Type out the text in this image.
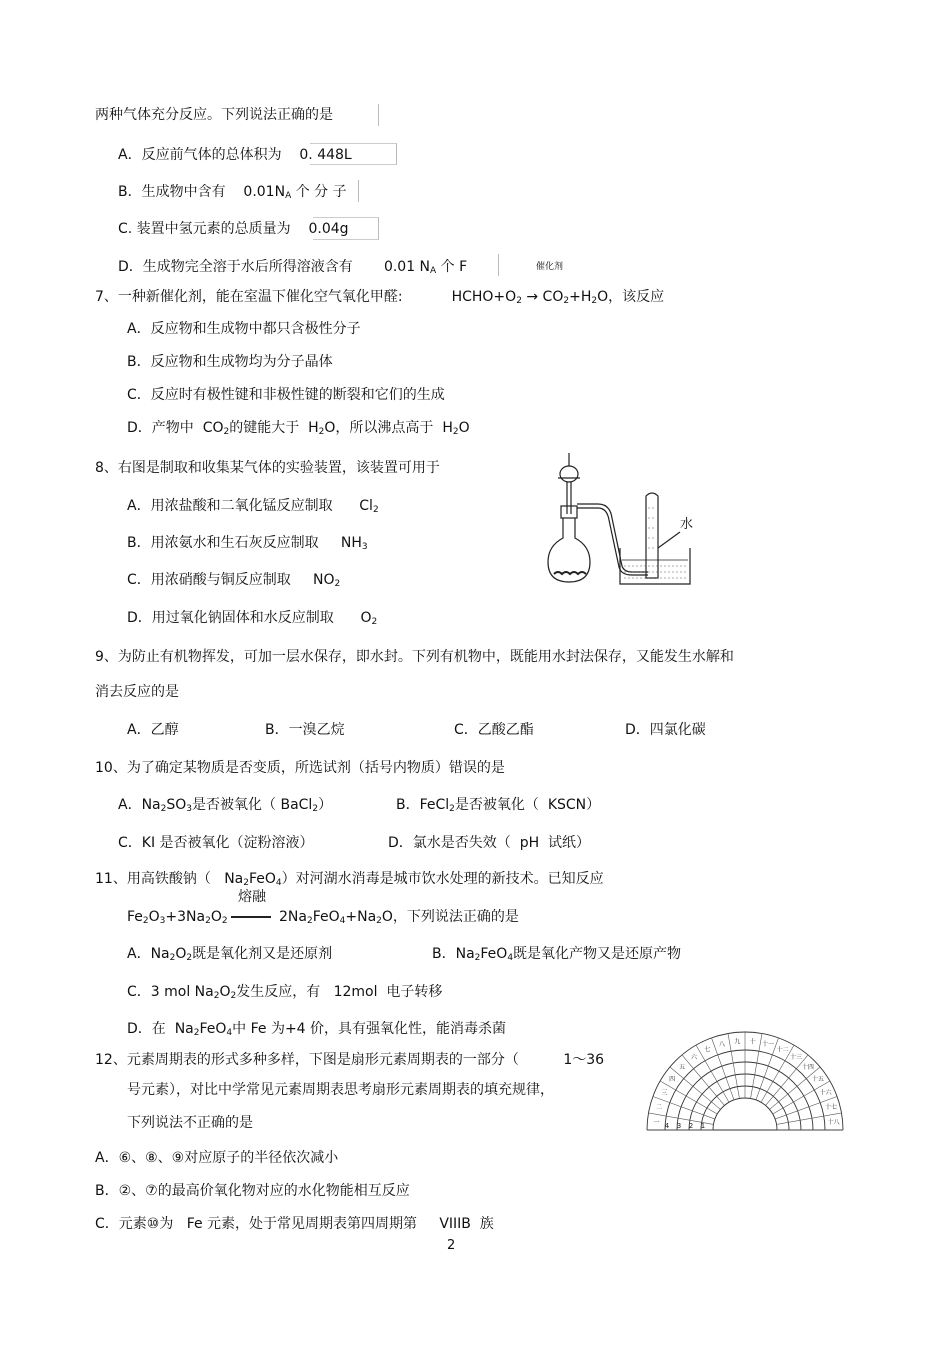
两种气体充分反应。下列说法正确的是
A．反应前气体的总体积为 0. 448L
B．生成物中含有 $0.01N_A$ 个 分 子
C. 装置中氢元素的总质量为 0.04g
D．生成物完全溶于水后所得溶液含有 0.01 $N_A$ 个 F	催化剂
7、一种新催化剂，能在室温下催化空气氧化甲醛:	$HCHO+O_2 \to CO_2+H_2O$，该反应
A．反应物和生成物中都只含极性分子
B．反应物和生成物均为分子晶体
C．反应时有极性键和非极性键的断裂和它们的生成
D．产物中 $CO_2$的键能大于 $H_2O$，所以沸点高于 $H_2O$
8、右图是制取和收集某气体的实验装置，该装置可用于
A．用浓盐酸和二氧化锰反应制取 $Cl_2$
B．用浓氨水和生石灰反应制取 $NH_3$
C．用浓硝酸与铜反应制取 $NO_2$
D．用过氧化钠固体和水反应制取 $O_2$
水
9、为防止有机物挥发，可加一层水保存，即水封。下列有机物中，既能用水封法保存，又能发生水解和
消去反应的是
A．乙醇	B．一溴乙烷	C．乙酸乙酯	D．四氯化碳
10、为了确定某物质是否变质，所选试剂（括号内物质）错误的是
A．$Na_2SO_3$是否被氧化（ BaCl$_2$）	B．FeCl$_2$是否被氧化（ KSCN）
C．KI 是否被氧化（淀粉溶液）	D．氯水是否失效（ pH  试纸）
11、用高铁酸钠（ $Na_2FeO_4$）对河湖水消毒是城市饮水处理的新技术。已知反应
熔融
$Fe_2O_3+3Na_2O_2$	$2Na_2FeO_4+Na_2O$，下列说法正确的是
A．$Na_2O_2$既是氧化剂又是还原剂	B．$Na_2FeO_4$既是氧化产物又是还原产物
C．3 mol $Na_2O_2$发生反应，有 12mol  电子转移
D．在 $Na_2FeO_4$中 Fe 为+4 价，具有强氧化性，能消毒杀菌
12、元素周期表的形式多种多样，下图是扇形元素周期表的一部分（	1～36
号元素），对比中学常见元素周期表思考扇形元素周期表的填充规律，
下列说法不正确的是
A．⑥、⑧、⑨对应原子的半径依次减小
B．②、⑦的最高价氧化物对应的水化物能相互反应
C．元素⑩为 Fe 元素，处于常见周期表第四周期第 VIIIB  族
一
二
三
四
五
六
七
八 九 十 十一
十二
十三
十四
十五
十六
十七
十八
4 3 2 1
2
